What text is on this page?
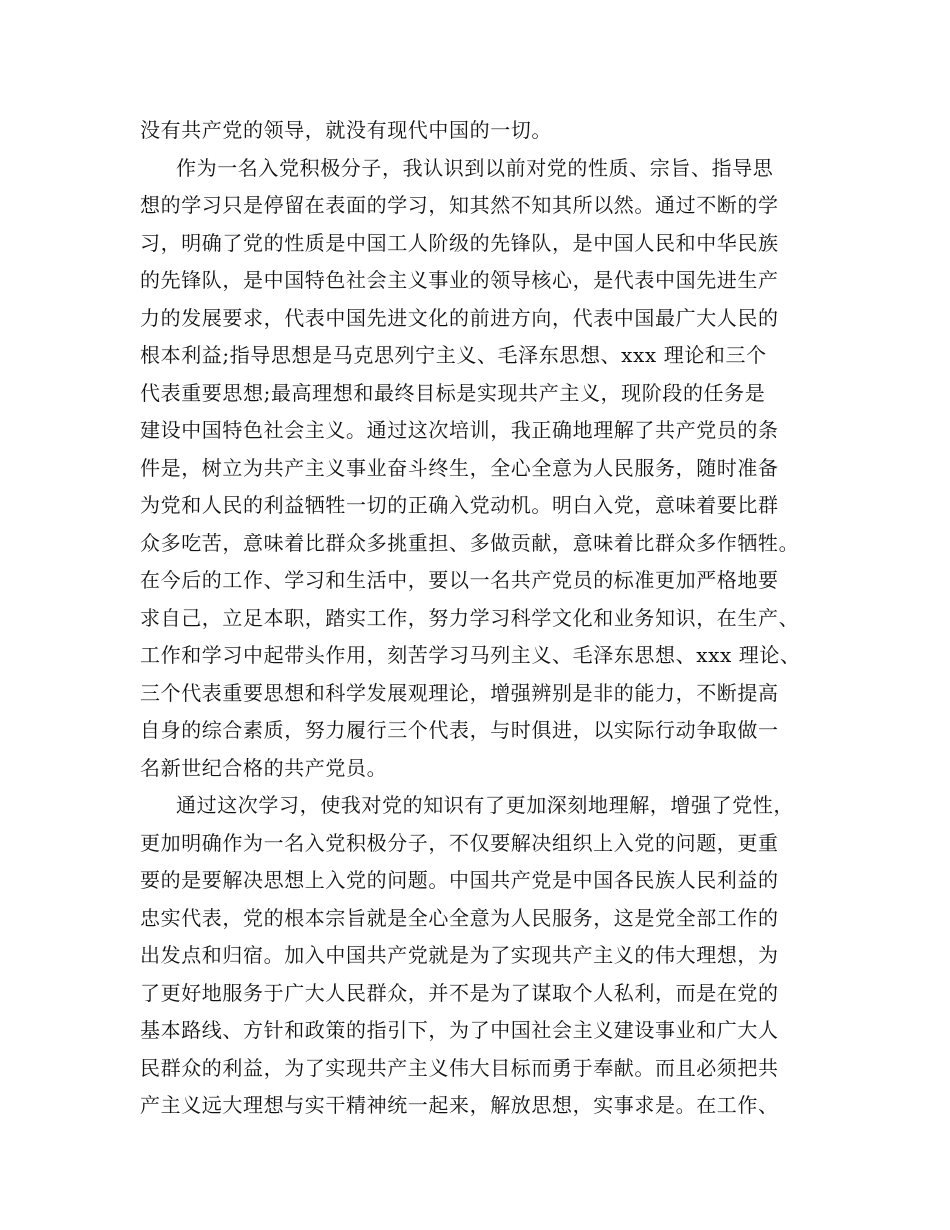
没有共产党的领导，就没有现代中国的一切。
作为一名入党积极分子，我认识到以前对党的性质、宗旨、指导思
想的学习只是停留在表面的学习，知其然不知其所以然。通过不断的学
习，明确了党的性质是中国工人阶级的先锋队，是中国人民和中华民族
的先锋队，是中国特色社会主义事业的领导核心，是代表中国先进生产
力的发展要求，代表中国先进文化的前进方向，代表中国最广大人民的
根本利益;指导思想是马克思列宁主义、毛泽东思想、xxx 理论和三个
代表重要思想;最高理想和最终目标是实现共产主义，现阶段的任务是
建设中国特色社会主义。通过这次培训，我正确地理解了共产党员的条
件是，树立为共产主义事业奋斗终生，全心全意为人民服务，随时准备
为党和人民的利益牺牲一切的正确入党动机。明白入党，意味着要比群
众多吃苦，意味着比群众多挑重担、多做贡献，意味着比群众多作牺牲。
在今后的工作、学习和生活中，要以一名共产党员的标准更加严格地要
求自己，立足本职，踏实工作，努力学习科学文化和业务知识，在生产、
工作和学习中起带头作用，刻苦学习马列主义、毛泽东思想、xxx 理论、
三个代表重要思想和科学发展观理论，增强辨别是非的能力，不断提高
自身的综合素质，努力履行三个代表，与时俱进，以实际行动争取做一
名新世纪合格的共产党员。
通过这次学习，使我对党的知识有了更加深刻地理解，增强了党性，
更加明确作为一名入党积极分子，不仅要解决组织上入党的问题，更重
要的是要解决思想上入党的问题。中国共产党是中国各民族人民利益的
忠实代表，党的根本宗旨就是全心全意为人民服务，这是党全部工作的
出发点和归宿。加入中国共产党就是为了实现共产主义的伟大理想，为
了更好地服务于广大人民群众，并不是为了谋取个人私利，而是在党的
基本路线、方针和政策的指引下，为了中国社会主义建设事业和广大人
民群众的利益，为了实现共产主义伟大目标而勇于奉献。而且必须把共
产主义远大理想与实干精神统一起来，解放思想，实事求是。在工作、
